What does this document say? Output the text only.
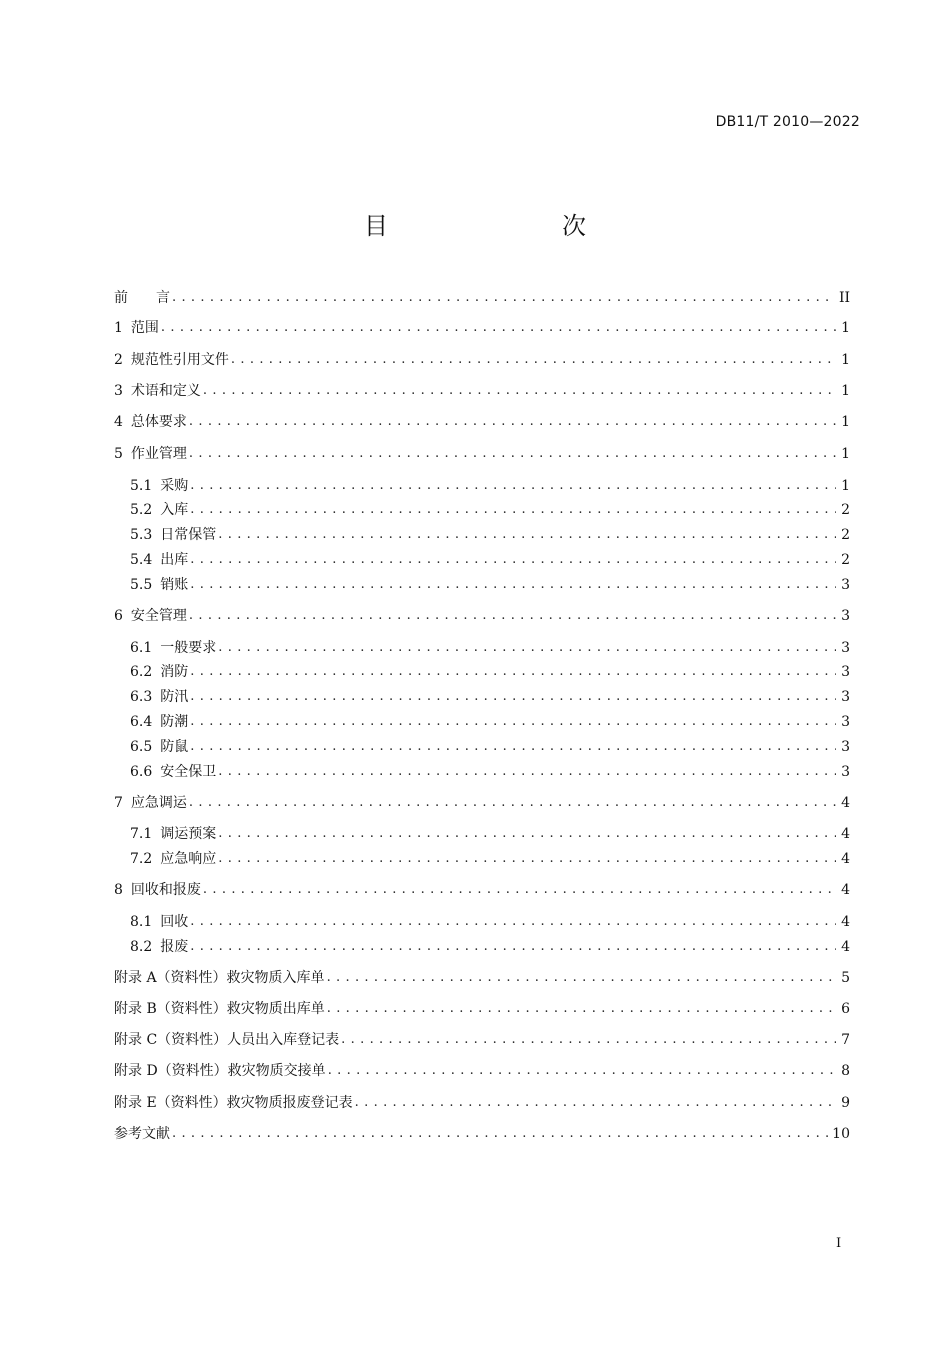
DB11/T 2010—2022
目　　次
前　　言 . . .	II
1 范围 . . .	1
2 规范性引用文件 . . .	1
3 术语和定义 . . .	1
4 总体要求 . . .	1
5 作业管理 . . .	1
5.1 采购 . . .	1
5.2 入库 . . .	2
5.3 日常保管 . . .	2
5.4 出库 . . .	2
5.5 销账 . . .	3
6 安全管理 . . .	3
6.1 一般要求 . . .	3
6.2 消防 . . .	3
6.3 防汛 . . .	3
6.4 防潮 . . .	3
6.5 防鼠 . . .	3
6.6 安全保卫 . . .	3
7 应急调运 . . .	4
7.1 调运预案 . . .	4
7.2 应急响应 . . .	4
8 回收和报废 . . .	4
8.1 回收 . . .	4
8.2 报废 . . .	4
附录 A（资料性）救灾物质入库单 . . .	5
附录 B（资料性）救灾物质出库单 . . .	6
附录 C（资料性）人员出入库登记表 . . .	7
附录 D（资料性）救灾物质交接单 . . .	8
附录 E（资料性）救灾物质报废登记表 . . .	9
参考文献 . . .	10
I
